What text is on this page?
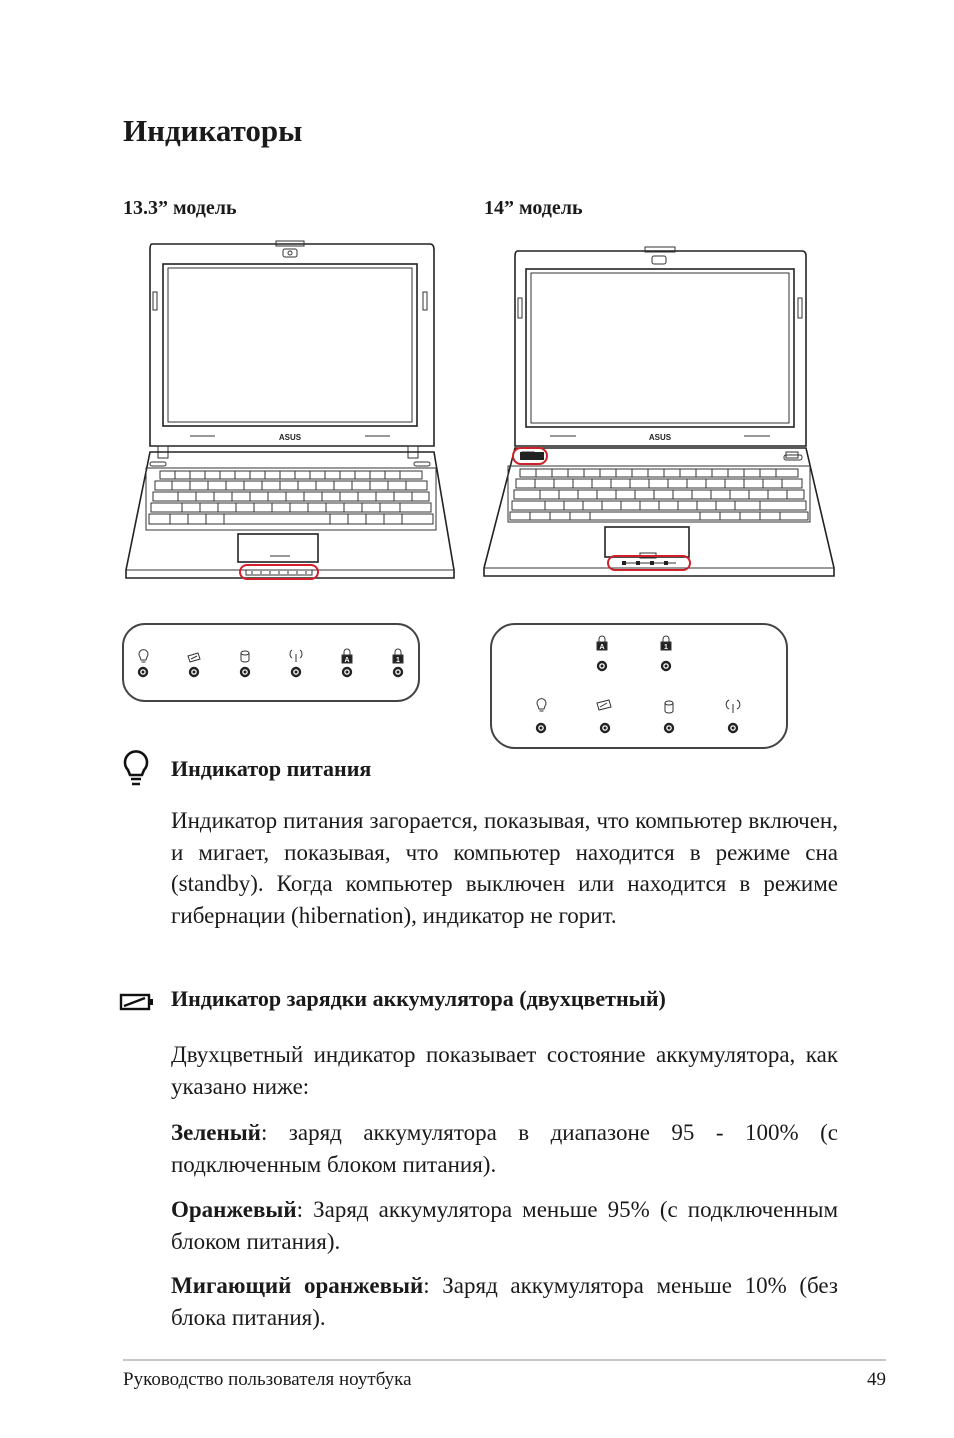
Индикаторы
13.3” модель	14” модель
ASUS	ASUS
A	1
A	1
Индикатор питания
Индикатор питания загорается, показывая, что компьютер включен, и мигает, показывая, что компьютер находится в режиме сна (standby). Когда компьютер выключен или находится в режиме гибернации (hibernation), индикатор не горит.
Индикатор зарядки аккумулятора (двухцветный)
Двухцветный индикатор показывает состояние аккумулятора, как указано ниже:
Зеленый: заряд аккумулятора в диапазоне 95 - 100% (с подключенным блоком питания).
Оранжевый: Заряд аккумулятора меньше 95% (с подключенным блоком питания).
Мигающий оранжевый: Заряд аккумулятора меньше 10% (без блока питания).
Руководство пользователя ноутбука	49
